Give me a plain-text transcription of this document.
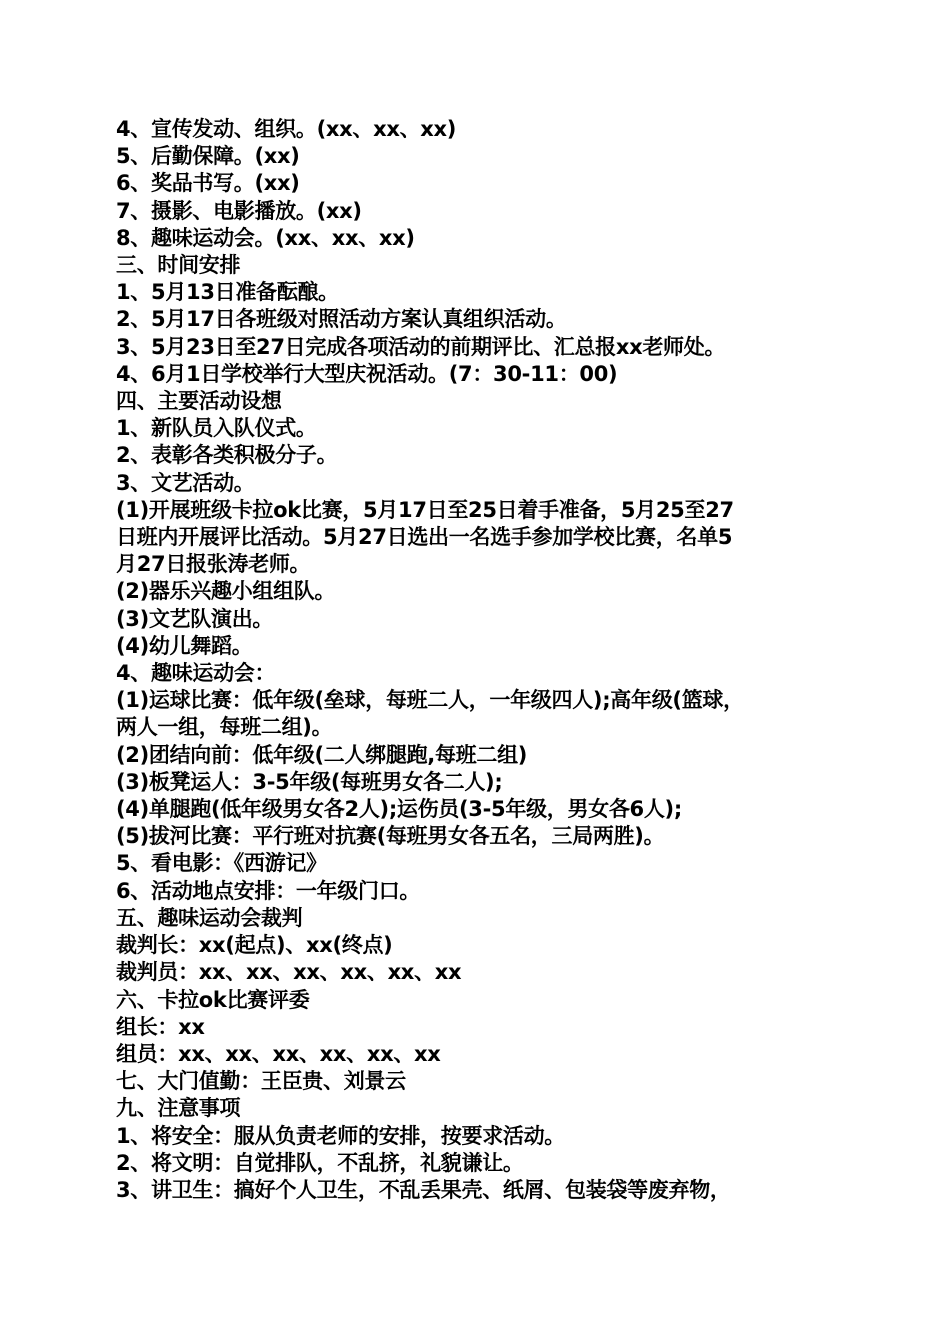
4、宣传发动、组织。(xx、xx、xx)
5、后勤保障。(xx)
6、奖品书写。(xx)
7、摄影、电影播放。(xx)
8、趣味运动会。(xx、xx、xx)
三、时间安排
1、5月13日准备酝酿。
2、5月17日各班级对照活动方案认真组织活动。
3、5月23日至27日完成各项活动的前期评比、汇总报xx老师处。
4、6月1日学校举行大型庆祝活动。(7：30-11：00)
四、主要活动设想
1、新队员入队仪式。
2、表彰各类积极分子。
3、文艺活动。
(1)开展班级卡拉ok比赛，5月17日至25日着手准备，5月25至27
日班内开展评比活动。5月27日选出一名选手参加学校比赛，名单5
月27日报张涛老师。
(2)器乐兴趣小组组队。
(3)文艺队演出。
(4)幼儿舞蹈。
4、趣味运动会：
(1)运球比赛：低年级(垒球，每班二人，一年级四人);高年级(篮球，
两人一组，每班二组)。
(2)团结向前：低年级(二人绑腿跑,每班二组)
(3)板凳运人：3-5年级(每班男女各二人);
(4)单腿跑(低年级男女各2人);运伤员(3-5年级，男女各6人);
(5)拔河比赛：平行班对抗赛(每班男女各五名，三局两胜)。
5、看电影：《西游记》
6、活动地点安排：一年级门口。
五、趣味运动会裁判
裁判长：xx(起点)、xx(终点)
裁判员：xx、xx、xx、xx、xx、xx
六、卡拉ok比赛评委
组长：xx
组员：xx、xx、xx、xx、xx、xx
七、大门值勤：王臣贵、刘景云
九、注意事项
1、将安全：服从负责老师的安排，按要求活动。
2、将文明：自觉排队，不乱挤，礼貌谦让。
3、讲卫生：搞好个人卫生，不乱丢果壳、纸屑、包装袋等废弃物，
